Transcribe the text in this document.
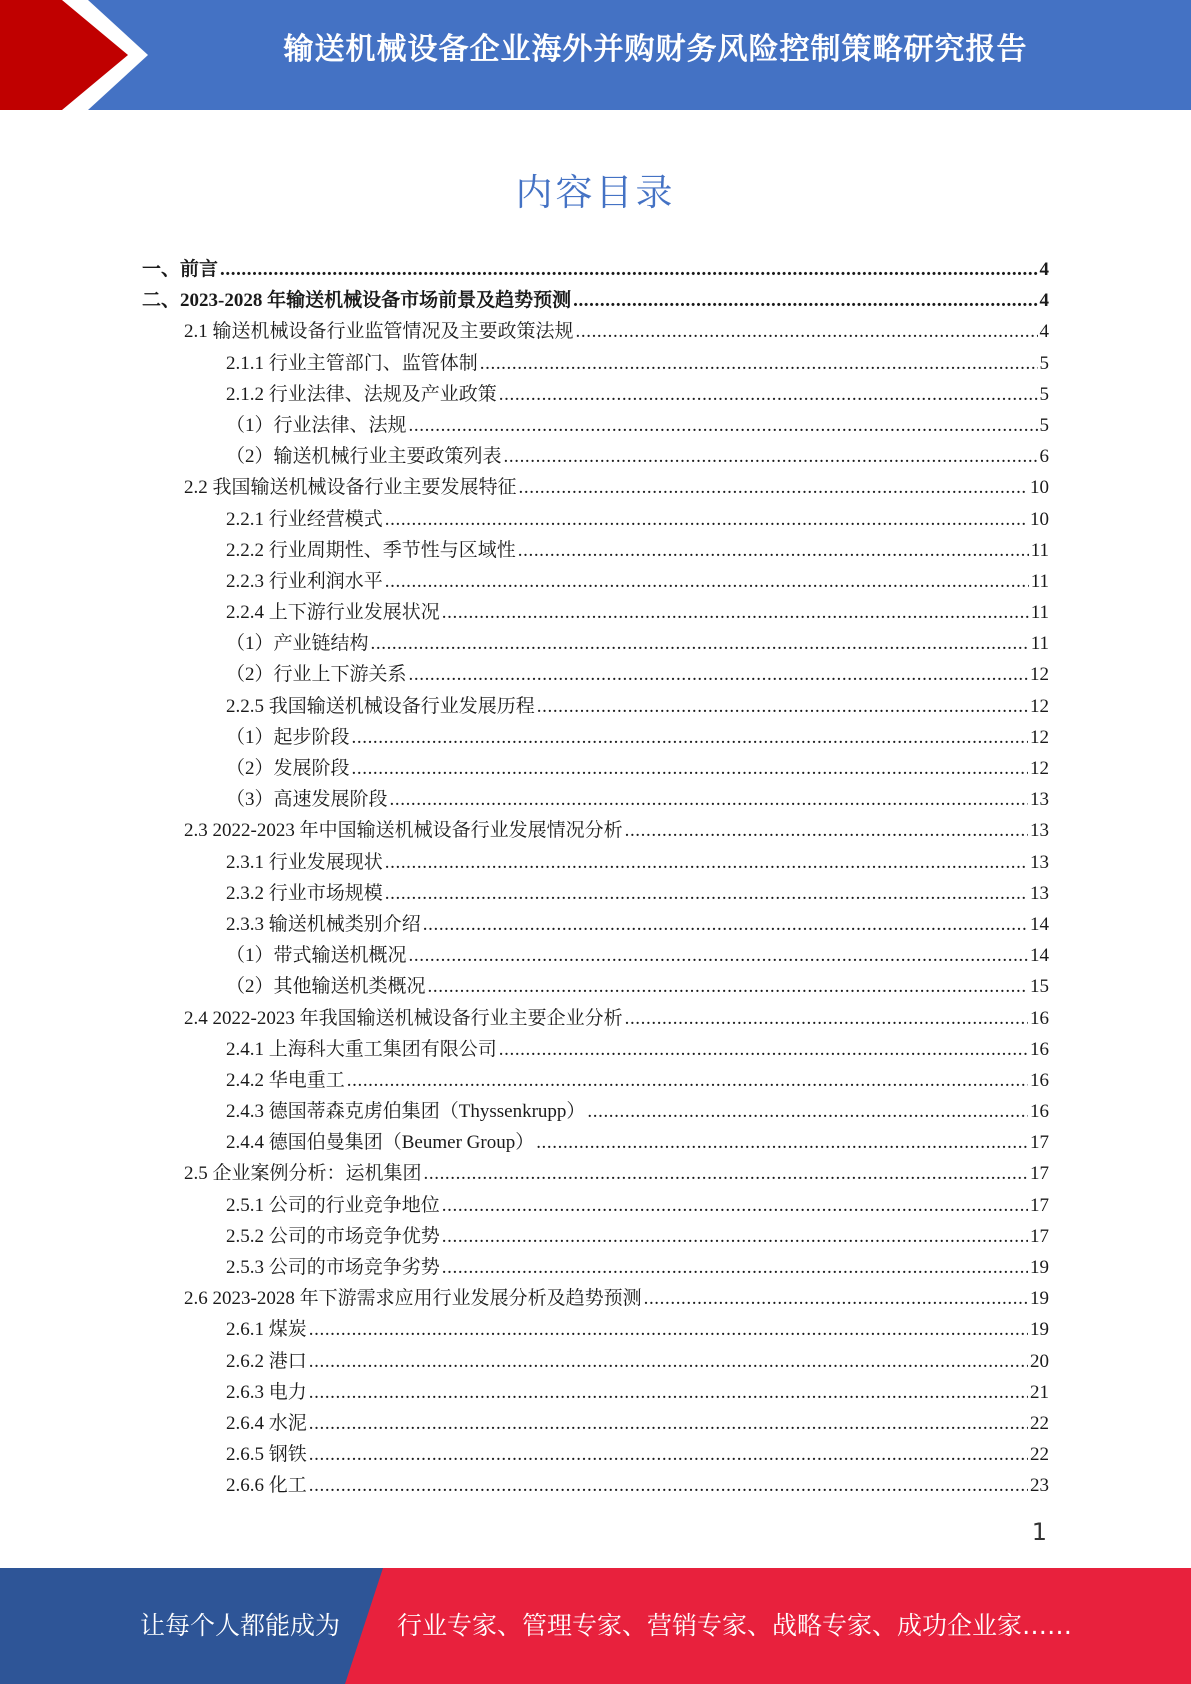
输送机械设备企业海外并购财务风险控制策略研究报告
内容目录
一、前言 .....	4
二、2023-2028 年输送机械设备市场前景及趋势预测 .....	4
2.1 输送机械设备行业监管情况及主要政策法规 .....	4
2.1.1 行业主管部门、监管体制 .....	5
2.1.2 行业法律、法规及产业政策 .....	5
（1）行业法律、法规 .....	5
（2）输送机械行业主要政策列表 .....	6
2.2 我国输送机械设备行业主要发展特征 .....	10
2.2.1 行业经营模式 .....	10
2.2.2 行业周期性、季节性与区域性 .....	11
2.2.3 行业利润水平 .....	11
2.2.4 上下游行业发展状况 .....	11
（1）产业链结构 .....	11
（2）行业上下游关系 .....	12
2.2.5 我国输送机械设备行业发展历程 .....	12
（1）起步阶段 .....	12
（2）发展阶段 .....	12
（3）高速发展阶段 .....	13
2.3 2022-2023 年中国输送机械设备行业发展情况分析 .....	13
2.3.1 行业发展现状 .....	13
2.3.2 行业市场规模 .....	13
2.3.3 输送机械类别介绍 .....	14
（1）带式输送机概况 .....	14
（2）其他输送机类概况 .....	15
2.4 2022-2023 年我国输送机械设备行业主要企业分析 .....	16
2.4.1 上海科大重工集团有限公司 .....	16
2.4.2 华电重工 .....	16
2.4.3 德国蒂森克虏伯集团（Thyssenkrupp） .....	16
2.4.4 德国伯曼集团（Beumer Group） .....	17
2.5 企业案例分析：运机集团 .....	17
2.5.1 公司的行业竞争地位 .....	17
2.5.2 公司的市场竞争优势 .....	17
2.5.3 公司的市场竞争劣势 .....	19
2.6 2023-2028 年下游需求应用行业发展分析及趋势预测 .....	19
2.6.1 煤炭 .....	19
2.6.2 港口 .....	20
2.6.3 电力 .....	21
2.6.4 水泥 .....	22
2.6.5 钢铁 .....	22
2.6.6 化工 .....	23
1
让每个人都能成为 行业专家、管理专家、营销专家、战略专家、成功企业家……
